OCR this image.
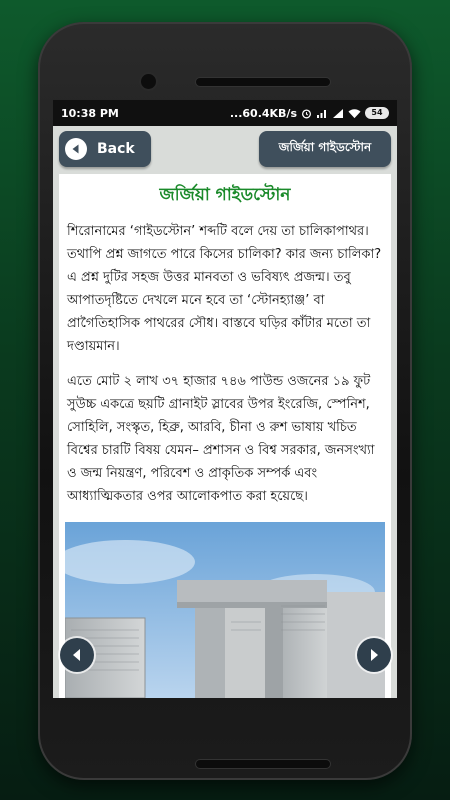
10:38 PM	...60.4KB/s	54
Back	জর্জিয়া গাইডস্টোন
জর্জিয়া গাইডস্টোন

শিরোনামের ‘গাইডস্টোন’ শব্দটি বলে দেয় তা চালিকাপাথর। তথাপি প্রশ্ন জাগতে পারে কিসের চালিকা? কার জন্য চালিকা? এ প্রশ্ন দুটির সহজ উত্তর মানবতা ও ভবিষ্যৎ প্রজন্ম। তবু আপাতদৃষ্টিতে দেখলে মনে হবে তা ‘স্টোনহ্যাঞ্জ’ বা প্রাগৈতিহাসিক পাথরের সৌধ। বাস্তবে ঘড়ির কাঁটার মতো তা দণ্ডায়মান।

এতে মোট ২ লাখ ৩৭ হাজার ৭৪৬ পাউন্ড ওজনের ১৯ ফুট সুউচ্চ একত্রে ছয়টি গ্রানাইট স্লাবের উপর ইংরেজি, স্পেনিশ, সোহিলি, সংস্কৃত, হিব্রু, আরবি, চীনা ও রুশ ভাষায় খচিত বিশ্বের চারটি বিষয় যেমন– প্রশাসন ও বিশ্ব সরকার, জনসংখ্যা ও জন্ম নিয়ন্ত্রণ, পরিবেশ ও প্রাকৃতিক সম্পর্ক এবং আধ্যাত্মিকতার ওপর আলোকপাত করা হয়েছে।
